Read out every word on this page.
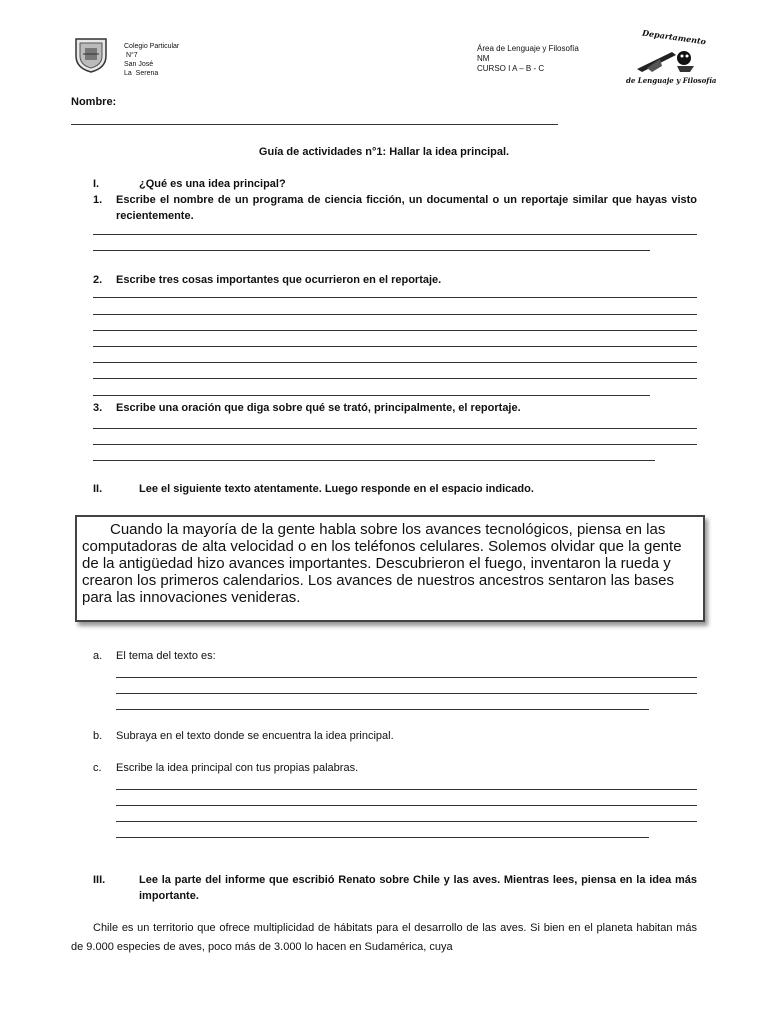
Colegio Particular
N°7
San José
La  Serena
Área de Lenguaje y Filosofía
NM
CURSO I A – B - C
Departamento
de Lenguaje y Filosofía
Nombre:
Guía de actividades n°1: Hallar la idea principal.
I.	¿Qué es una idea principal?
1. Escribe el nombre de un programa de ciencia ficción, un documental o un reportaje similar que hayas visto recientemente.
2. Escribe tres cosas importantes que ocurrieron en el reportaje.
3. Escribe una oración que diga sobre qué se trató, principalmente, el reportaje.
II.	Lee el siguiente texto atentamente. Luego responde en el espacio indicado.

Cuando la mayoría de la gente habla sobre los avances tecnológicos, piensa en las computadoras de alta velocidad o en los teléfonos celulares. Solemos olvidar que la gente de la antigüedad hizo avances importantes. Descubrieron el fuego, inventaron la rueda y crearon los primeros calendarios. Los avances de nuestros ancestros sentaron las bases para las innovaciones venideras.

a. El tema del texto es:
b. Subraya en el texto donde se encuentra la idea principal.
c. Escribe la idea principal con tus propias palabras.
III.	Lee la parte del informe que escribió Renato sobre Chile y las aves. Mientras lees, piensa en la idea más importante.
Chile es un territorio que ofrece multiplicidad de hábitats para el desarrollo de las aves. Si bien en el planeta habitan más de 9.000 especies de aves, poco más de 3.000 lo hacen en Sudamérica, cuya
